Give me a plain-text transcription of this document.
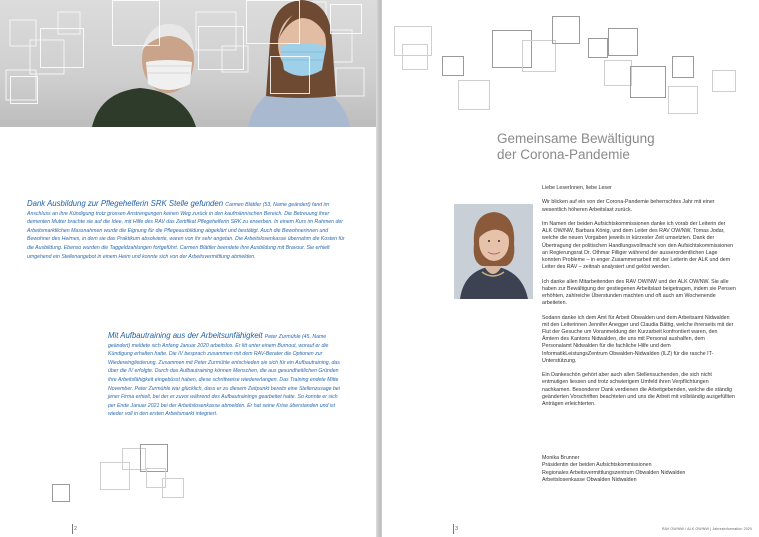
Dank Ausbildung zur Pflegehelferin SRK Stelle gefunden Carmen Blättler (53, Name geändert) fand im Anschluss an ihre Kündigung trotz grossen Anstrengungen keinen Weg zurück in den kaufmännischen Bereich. Die Betreuung ihrer dementen Mutter brachte sie auf die Idee, mit Hilfe des RAV das Zertifikat Pflegehelferin SRK zu erwerben. In einem Kurs im Rahmen der Arbeitsmarktlichen Massnahmen wurde die Eignung für die Pflegeausbildung abgeklärt und bestätigt. Auch die Bewohnerinnen und Bewohner des Heimes, in dem sie das Praktikum absolvierte, waren von ihr sehr angetan. Die Arbeitslosenkasse übernahm die Kosten für die Ausbildung. Ebenso wurden die Taggeldzahlungen fortgeführt. Carmen Blättler beendete ihre Ausbildung mit Bravour. Sie erhielt umgehend ein Stellenangebot in einem Heim und konnte sich von der Arbeitsvermittlung abmelden.
Mit Aufbautraining aus der Arbeitsunfähigkeit Peter Zurmühle (45, Name geändert) meldete sich Anfang Januar 2020 arbeitslos. Er litt unter einem Burnout, worauf er die Kündigung erhalten hatte. Die IV besprach zusammen mit dem RAV-Berater die Optionen zur Wiedereingliederung. Zusammen mit Peter Zurmühle entschieden sie sich für ein Aufbautraining, das über die IV erfolgte. Durch das Aufbautraining können Menschen, die aus gesundheitlichen Gründen ihre Arbeitsfähigkeit eingebüsst haben, diese schrittweise wiedererlangen. Das Training endete Mitte November. Peter Zurmühle war glücklich, dass er zu diesem Zeitpunkt bereits eine Stellenzusage bei jener Firma erhielt, bei der er zuvor während des Aufbautrainings gearbeitet hatte. So konnte er sich per Ende Januar 2021 bei der Arbeitslosenkasse abmelden. Er hat seine Krise überstanden und ist wieder voll in den ersten Arbeitsmarkt integriert.
2
Gemeinsame Bewältigung
der Corona-Pandemie

Liebe LeserInnen, liebe Leser

Wir blicken auf ein von der Corona-Pandemie beherrschtes Jahr mit einer wesentlich höheren Arbeitslast zurück.

Im Namen der beiden Aufsichtskommissionen danke ich vorab der Leiterin der ALK OW/NW, Barbara König, und dem Leiter des RAV OW/NW, Tomas Jodar, welche die neuen Vorgaben jeweils in kürzester Zeit umsetzten. Dank der Übertragung der politischen Handlungsvollmacht von den Aufsichtskommissionen an Regierungsrat Dr. Othmar Filliger während der ausserordentlichen Lage konnten Probleme – in enger Zusammenarbeit mit der Leiterin der ALK und dem Leiter des RAV – zeitnah analysiert und gelöst werden.

Ich danke allen Mitarbeitenden des RAV OW/NW und der ALK OW/NW. Sie alle haben zur Bewältigung der gestiegenen Arbeitslast beigetragen, indem sie Pensen erhöhten, zahlreiche Überstunden machten und oft auch am Wochenende arbeiteten.

Sodann danke ich dem Amt für Arbeit Obwalden und dem Arbeitsamt Nidwalden mit den Leiterinnen Jennifer Anegger und Claudia Bättig, welche ihrerseits mit der Flut der Gesuche um Voranmeldung der Kurzarbeit konfrontiert waren, den Ämtern des Kantons Nidwalden, die uns mit Personal aushalfen, dem Personalamt Nidwalden für die fachliche Hilfe und dem InformatikLeistungsZentrum Obwalden-Nidwalden (ILZ) für die rasche IT-Unterstützung.

Ein Dankeschön gehört aber auch allen Stellensuchenden, die sich nicht entmutigen liessen und trotz schwierigem Umfeld ihren Verpflichtungen nachkamen. Besonderer Dank verdienen die Arbeitgebenden, welche die ständig geänderten Vorschriften beachteten und uns die Arbeit mit vollständig ausgefüllten Anträgen erleichterten.

Monika Brunner
Präsidentin der beiden Aufsichtskommissionen
Regionales Arbeitsvermittlungszentrum Obwalden Nidwalden
Arbeitslosenkasse Obwalden Nidwalden
3	RAV OW/NW / ALK OW/NW | Jahresinformation 2020
